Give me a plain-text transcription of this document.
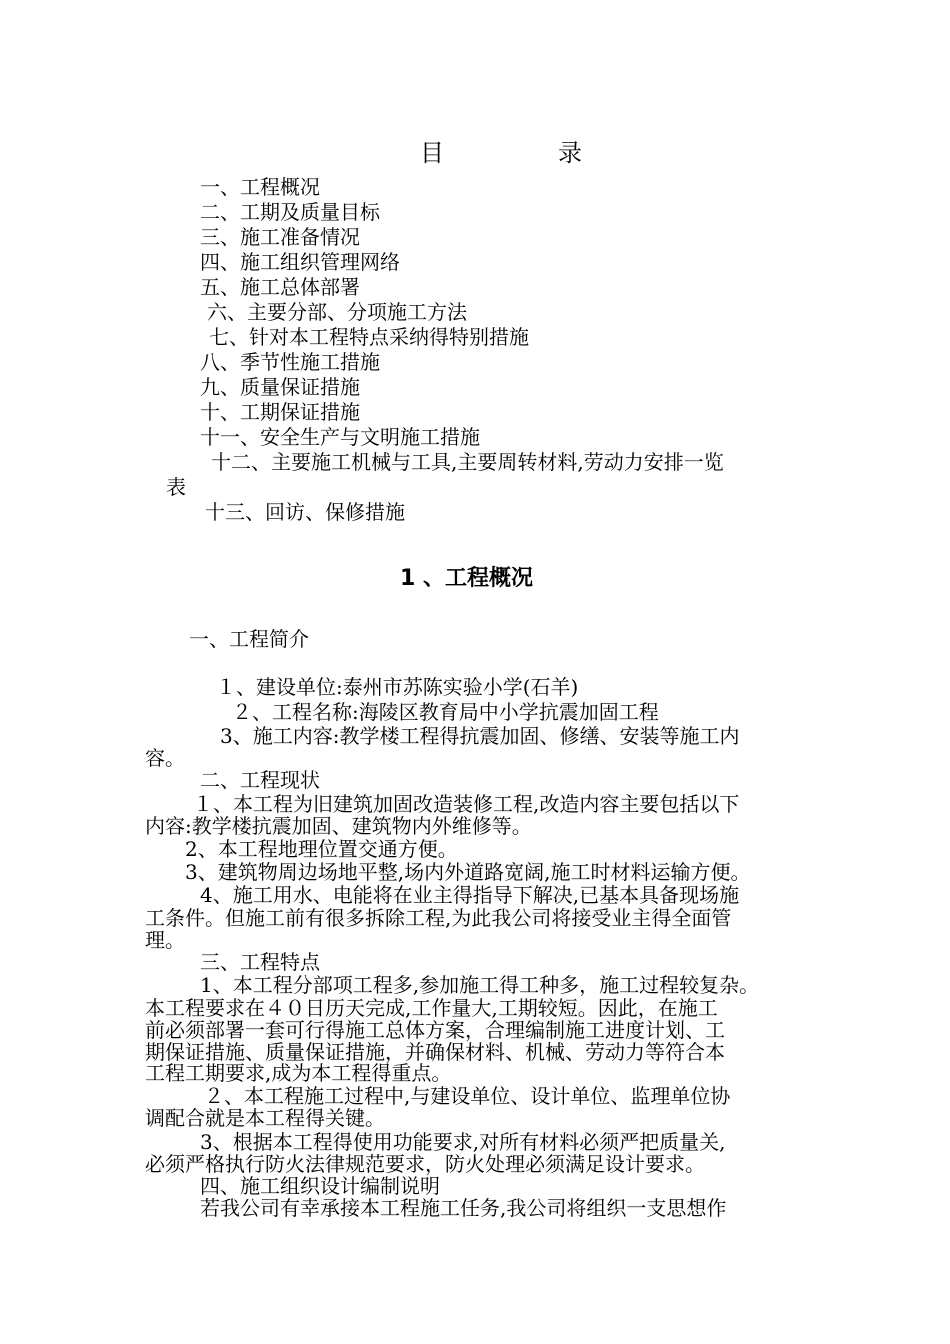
目	录
一、工程概况
二、工期及质量目标
三、施工准备情况
四、施工组织管理网络
五、施工总体部署
六、主要分部、分项施工方法
七、针对本工程特点采纳得特别措施
八、季节性施工措施
九、质量保证措施
十、工期保证措施
十一、安全生产与文明施工措施
十二、主要施工机械与工具,主要周转材料,劳动力安排一览
表
十三、回访、保修措施
1 、工程概况
一、工程简介
１、建设单位:泰州市苏陈实验小学(石羊)
２、工程名称:海陵区教育局中小学抗震加固工程
3、施工内容:教学楼工程得抗震加固、修缮、安装等施工内
容。
二、工程现状
１、本工程为旧建筑加固改造装修工程,改造内容主要包括以下
内容:教学楼抗震加固、建筑物内外维修等。
2、本工程地理位置交通方便。
3、建筑物周边场地平整,场内外道路宽阔,施工时材料运输方便。
4、施工用水、电能将在业主得指导下解决,已基本具备现场施
工条件。但施工前有很多拆除工程,为此我公司将接受业主得全面管
理。
三、工程特点
1、本工程分部项工程多,参加施工得工种多，施工过程较复杂。
本工程要求在４０日历天完成,工作量大,工期较短。因此，在施工
前必须部署一套可行得施工总体方案，合理编制施工进度计划、工
期保证措施、质量保证措施，并确保材料、机械、劳动力等符合本
工程工期要求,成为本工程得重点。
２、本工程施工过程中,与建设单位、设计单位、监理单位协
调配合就是本工程得关键。
3、根据本工程得使用功能要求,对所有材料必须严把质量关,
必须严格执行防火法律规范要求，防火处理必须满足设计要求。
四、施工组织设计编制说明
若我公司有幸承接本工程施工任务,我公司将组织一支思想作
